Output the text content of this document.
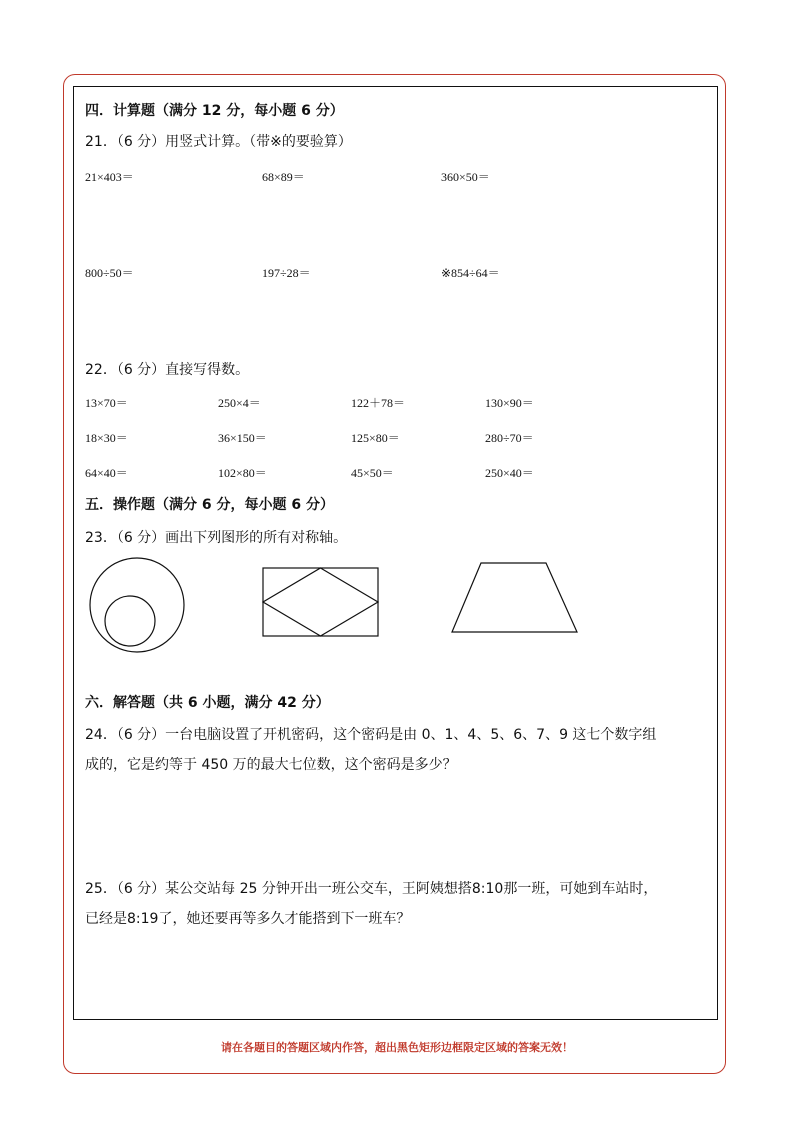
四．计算题（满分 12 分，每小题 6 分）
21．（6 分）用竖式计算。（带※的要验算）
21×403＝	68×89＝	360×50＝
800÷50＝	197÷28＝	※854÷64＝
22．（6 分）直接写得数。
13×70＝	250×4＝	122＋78＝	130×90＝
18×30＝	36×150＝	125×80＝	280÷70＝
64×40＝	102×80＝	45×50＝	250×40＝
五．操作题（满分 6 分，每小题 6 分）
23．（6 分）画出下列图形的所有对称轴。
六．解答题（共 6 小题，满分 42 分）
24．（6 分）一台电脑设置了开机密码，这个密码是由 0、1、4、5、6、7、9 这七个数字组
成的，它是约等于 450 万的最大七位数，这个密码是多少？
25．（6 分）某公交站每 25 分钟开出一班公交车，王阿姨想搭8:10那一班，可她到车站时，
已经是8:19了，她还要再等多久才能搭到下一班车？
请在各题目的答题区域内作答，超出黑色矩形边框限定区域的答案无效！
